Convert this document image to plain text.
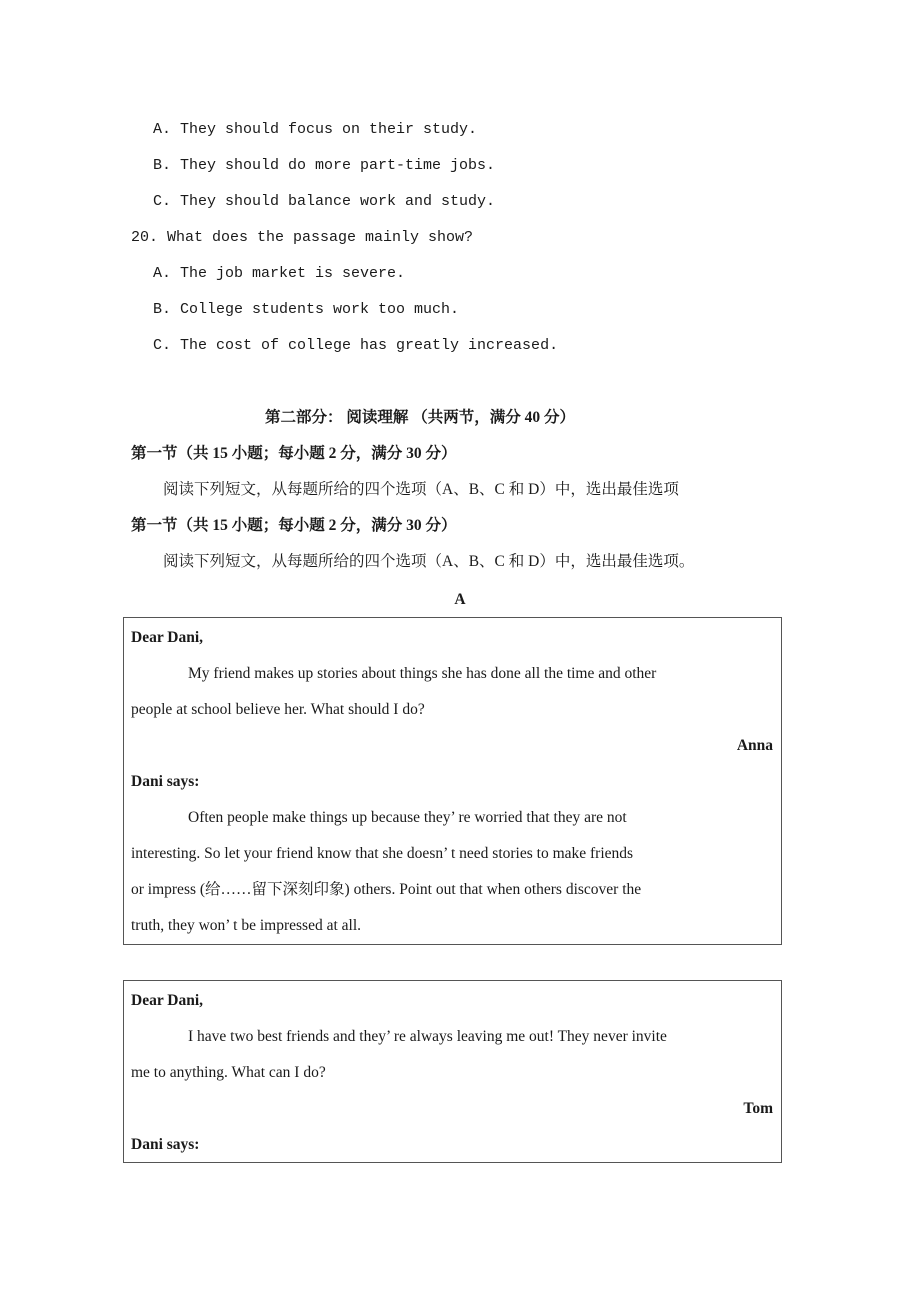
A. They should focus on their study.
B. They should do more part-time jobs.
C. They should balance work and study.
20. What does the passage mainly show?
A. The job market is severe.
B. College students work too much.
C. The cost of college has greatly increased.
第二部分： 阅读理解 （共两节，满分 40 分）
第一节（共 15 小题；每小题 2 分，满分 30 分）
阅读下列短文，从每题所给的四个选项（A、B、C 和 D）中，选出最佳选项
第一节（共 15 小题；每小题 2 分，满分 30 分）
阅读下列短文，从每题所给的四个选项（A、B、C 和 D）中，选出最佳选项。
A
Dear Dani,
My friend makes up stories about things she has done all the time and other
people at school believe her. What should I do?
Anna
Dani says:
Often people make things up because they’ re worried that they are not
interesting. So let your friend know that she doesn’ t need stories to make friends
or impress (给……留下深刻印象) others. Point out that when others discover the
truth, they won’ t be impressed at all.
Dear Dani,
I have two best friends and they’ re always leaving me out! They never invite
me to anything. What can I do?
Tom
Dani says:
